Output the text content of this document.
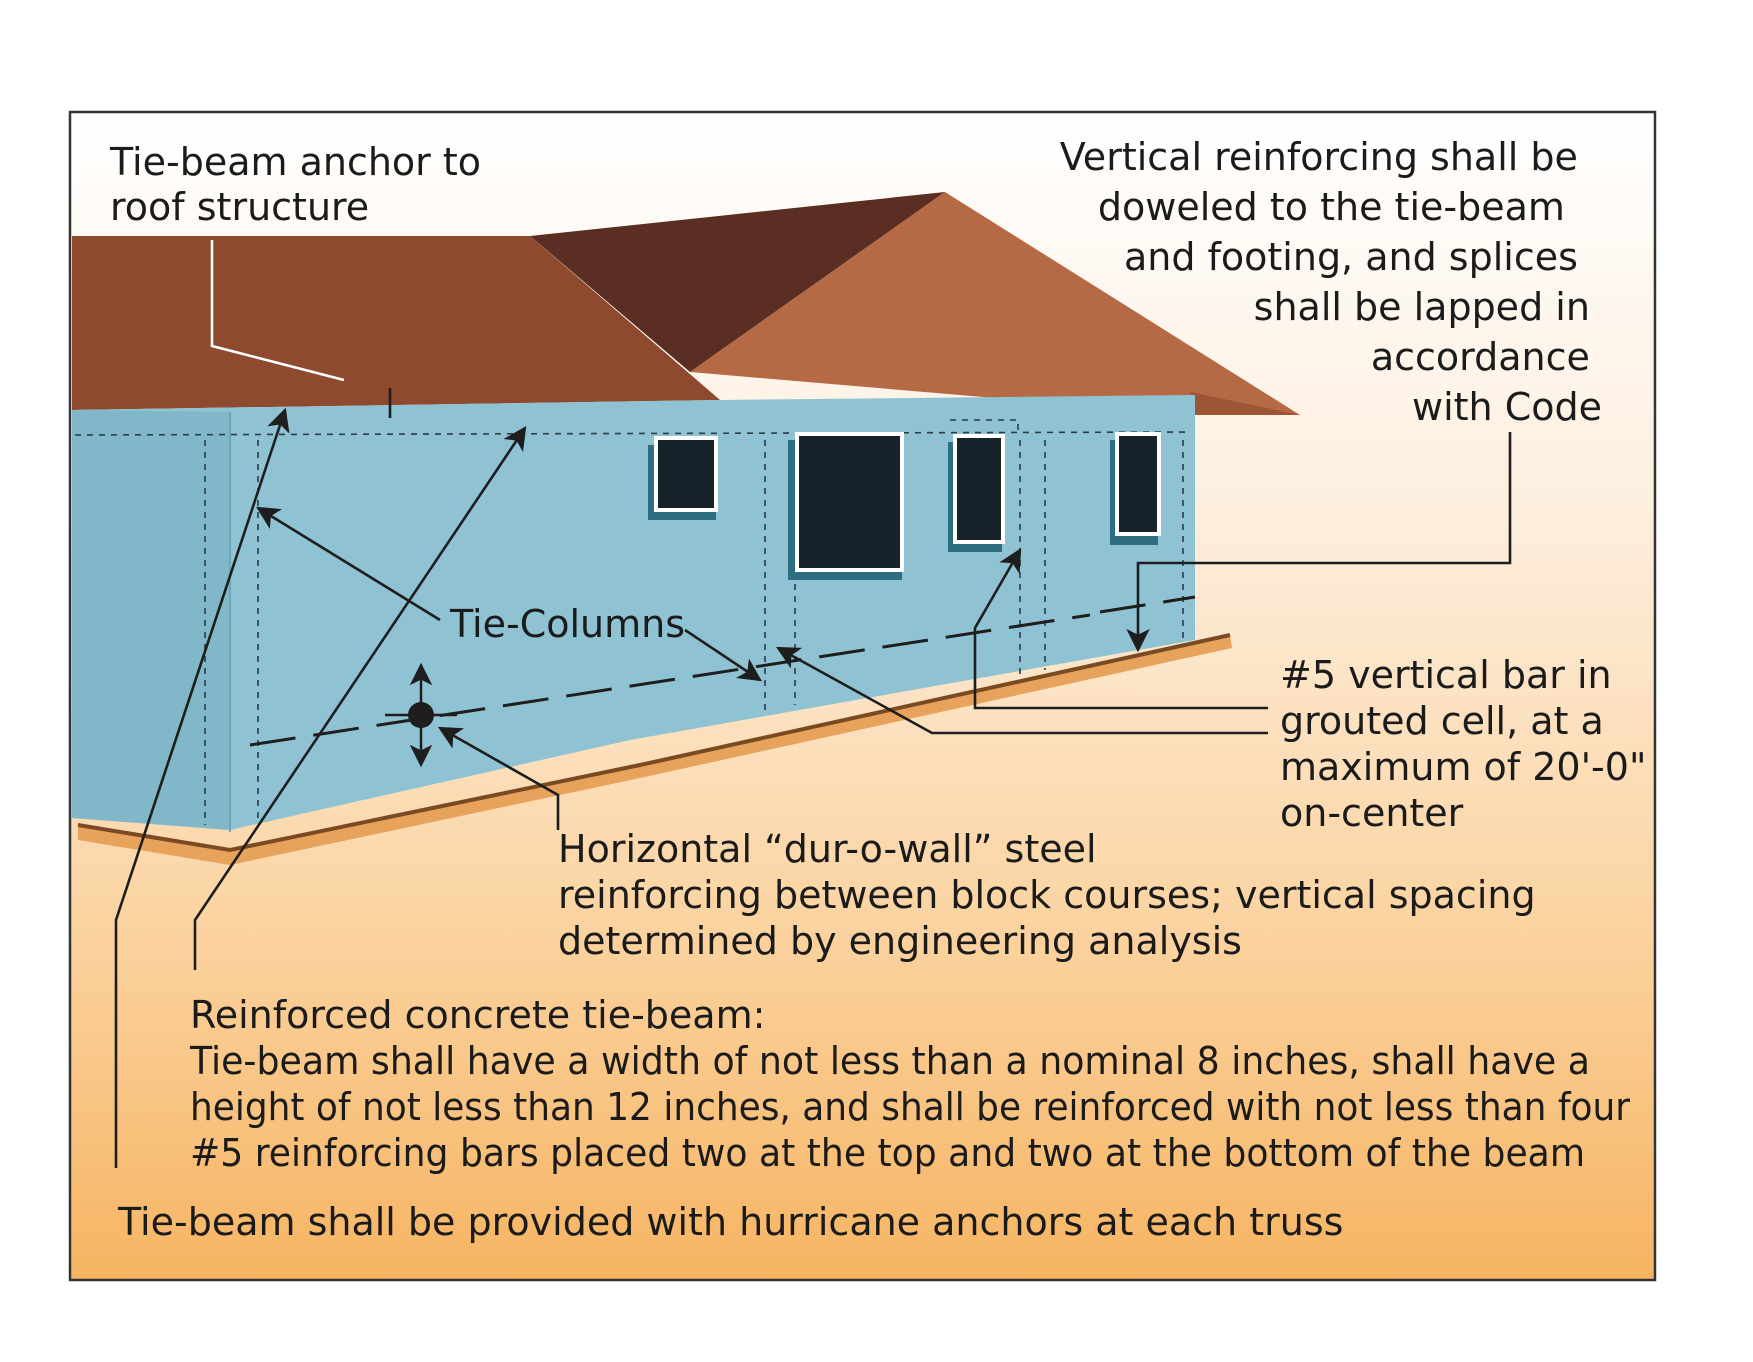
Tie-beam anchor to roof structure
Vertical reinforcing shall be doweled to the tie-beam and footing, and splices shall be lapped in accordance with Code
Tie-Columns
#5 vertical bar in grouted cell, at a maximum of 20'-0" on-center
Horizontal “dur-o-wall” steel reinforcing between block courses; vertical spacing determined by engineering analysis
Reinforced concrete tie-beam:
Tie-beam shall have a width of not less than a nominal 8 inches, shall have a height of not less than 12 inches, and shall be reinforced with not less than four #5 reinforcing bars placed two at the top and two at the bottom of the beam
Tie-beam shall be provided with hurricane anchors at each truss
